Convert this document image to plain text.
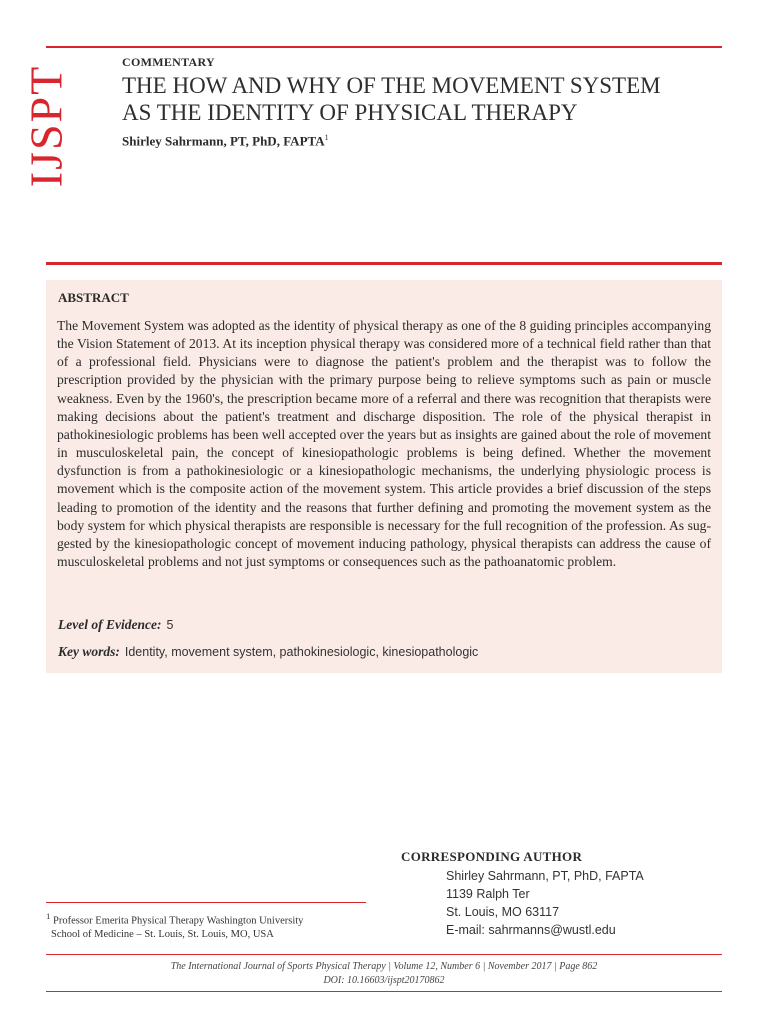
IJSPT
COMMENTARY
THE HOW AND WHY OF THE MOVEMENT SYSTEM
AS THE IDENTITY OF PHYSICAL THERAPY
Shirley Sahrmann, PT, PhD, FAPTA$^1$
ABSTRACT

The Movement System was adopted as the identity of physical therapy as one of the 8 guiding principles accompanying the Vision Statement of 2013. At its inception physical therapy was considered more of a technical field rather than that of a professional field. Physicians were to diagnose the patient's problem and the therapist was to follow the prescription provided by the physician with the primary purpose being to relieve symptoms such as pain or muscle weakness. Even by the 1960's, the prescription became more of a referral and there was recognition that therapists were making decisions about the patient's treatment and discharge disposition. The role of the physical therapist in pathokinesiologic problems has been well accepted over the years but as insights are gained about the role of movement in musculoskeletal pain, the concept of kinesiopathologic problems is being defined. Whether the movement dysfunction is from a pathokinesiologic or a kinesiopathologic mechanisms, the underlying physiologic process is movement which is the composite action of the movement system. This article provides a brief discussion of the steps leading to promotion of the identity and the reasons that further defining and promoting the movement system as the body system for which physical therapists are responsible is necessary for the full recognition of the profession. As suggested by the kinesiopathologic concept of movement inducing pathology, physical therapists can address the cause of musculoskeletal problems and not just symptoms or consequences such as the pathoanatomic problem.

Level of Evidence: 5
Key words: Identity, movement system, pathokinesiologic, kinesiopathologic
CORRESPONDING AUTHOR
Shirley Sahrmann, PT, PhD, FAPTA
1139 Ralph Ter
St. Louis, MO 63117
E-mail: sahrmanns@wustl.edu
$^1$ Professor Emerita Physical Therapy Washington University
School of Medicine – St. Louis, St. Louis, MO, USA
The International Journal of Sports Physical Therapy | Volume 12, Number 6 | November 2017 | Page 862
DOI: 10.16603/ijspt20170862
